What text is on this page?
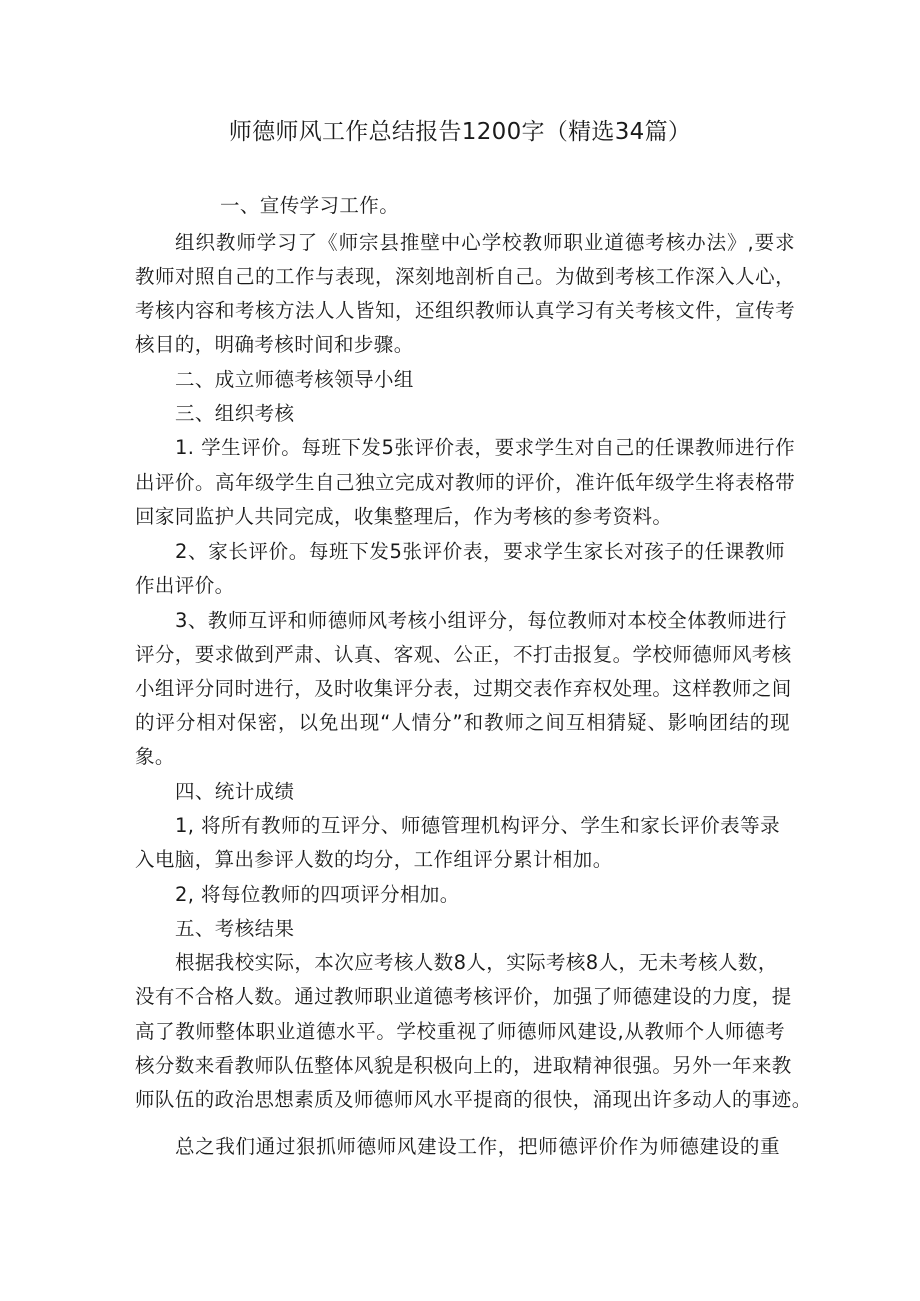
师德师风工作总结报告1200字（精选34篇）
一、宣传学习工作。
组织教师学习了《师宗县推壁中心学校教师职业道德考核办法》,要求
教师对照自己的工作与表现，深刻地剖析自己。为做到考核工作深入人心，
考核内容和考核方法人人皆知，还组织教师认真学习有关考核文件，宣传考
核目的，明确考核时间和步骤。
二、成立师德考核领导小组
三、组织考核
1. 学生评价。每班下发5张评价表，要求学生对自己的任课教师进行作
出评价。高年级学生自己独立完成对教师的评价，准许低年级学生将表格带
回家同监护人共同完成，收集整理后，作为考核的参考资料。
2、家长评价。每班下发5张评价表，要求学生家长对孩子的任课教师
作出评价。
3、教师互评和师德师风考核小组评分，每位教师对本校全体教师进行
评分，要求做到严肃、认真、客观、公正，不打击报复。学校师德师风考核
小组评分同时进行，及时收集评分表，过期交表作弃权处理。这样教师之间
的评分相对保密，以免出现“人情分”和教师之间互相猜疑、影响团结的现
象。
四、统计成绩
1, 将所有教师的互评分、师德管理机构评分、学生和家长评价表等录
入电脑，算出参评人数的均分，工作组评分累计相加。
2, 将每位教师的四项评分相加。
五、考核结果
根据我校实际，本次应考核人数8人，实际考核8人，无未考核人数，
没有不合格人数。通过教师职业道德考核评价，加强了师德建设的力度，提
高了教师整体职业道德水平。学校重视了师德师风建设,从教师个人师德考
核分数来看教师队伍整体风貌是积极向上的，进取精神很强。另外一年来教
师队伍的政治思想素质及师德师风水平提商的很快，涌现出许多动人的事迹。
总之我们通过狠抓师德师风建设工作，把师德评价作为师德建设的重
